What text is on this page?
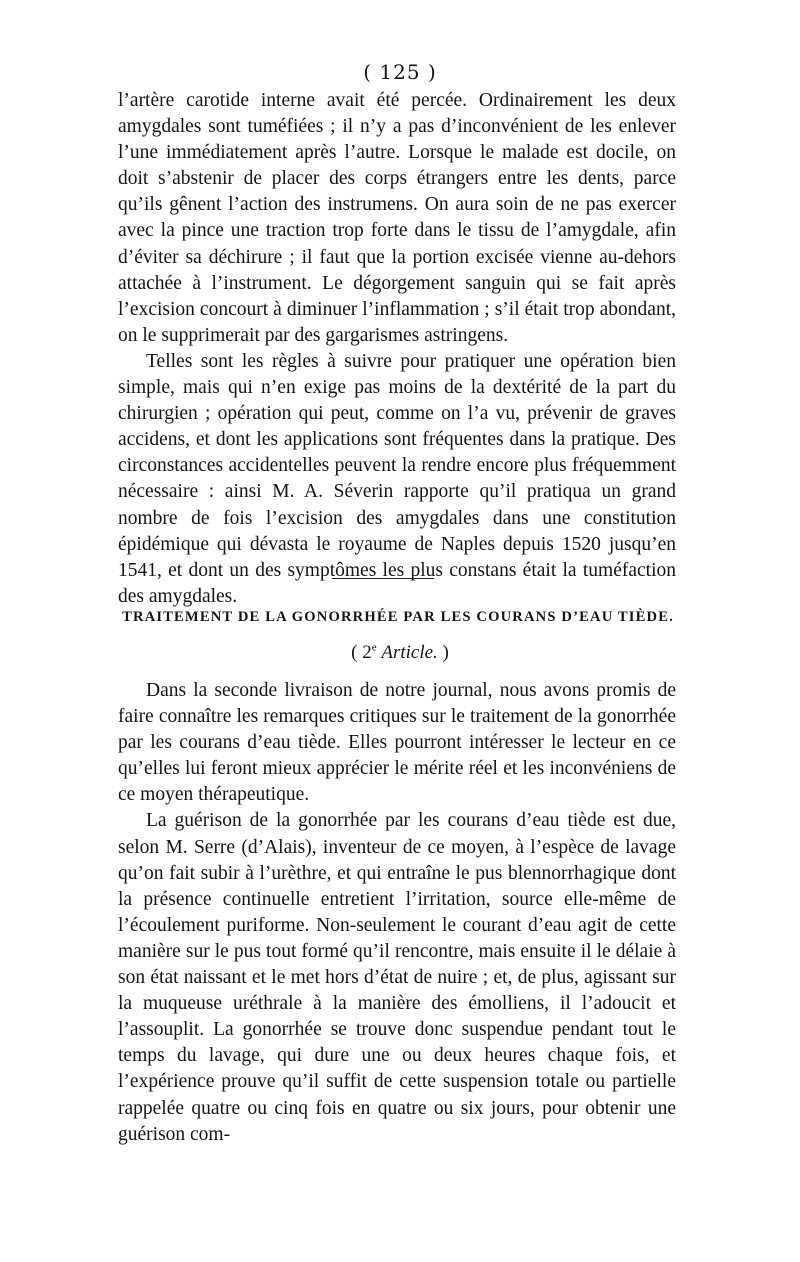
( 125 )

l’artère carotide interne avait été percée. Ordinairement les deux amygdales sont tuméfiées ; il n’y a pas d’inconvénient de les enlever l’une immédiatement après l’autre. Lorsque le malade est docile, on doit s’abstenir de placer des corps étrangers entre les dents, parce qu’ils gênent l’action des instrumens. On aura soin de ne pas exercer avec la pince une traction trop forte dans le tissu de l’amygdale, afin d’éviter sa déchirure ; il faut que la portion excisée vienne au-dehors attachée à l’instrument. Le dégorgement sanguin qui se fait après l’excision concourt à diminuer l’inflammation ; s’il était trop abondant, on le supprimerait par des gargarismes astringens.

Telles sont les règles à suivre pour pratiquer une opération bien simple, mais qui n’en exige pas moins de la dextérité de la part du chirurgien ; opération qui peut, comme on l’a vu, prévenir de graves accidens, et dont les applications sont fréquentes dans la pratique. Des circonstances accidentelles peuvent la rendre encore plus fréquemment nécessaire : ainsi M. A. Séverin rapporte qu’il pratiqua un grand nombre de fois l’excision des amygdales dans une constitution épidémique qui dévasta le royaume de Naples depuis 1520 jusqu’en 1541, et dont un des symptômes les plus constans était la tuméfaction des amygdales.

TRAITEMENT DE LA GONORRHÉE PAR LES COURANS D’EAU TIÈDE.
( 2e Article. )

Dans la seconde livraison de notre journal, nous avons promis de faire connaître les remarques critiques sur le traitement de la gonorrhée par les courans d’eau tiède. Elles pourront intéresser le lecteur en ce qu’elles lui feront mieux apprécier le mérite réel et les inconvéniens de ce moyen thérapeutique.

La guérison de la gonorrhée par les courans d’eau tiède est due, selon M. Serre (d’Alais), inventeur de ce moyen, à l’espèce de lavage qu’on fait subir à l’urèthre, et qui entraîne le pus blennorrhagique dont la présence continuelle entretient l’irritation, source elle-même de l’écoulement puriforme. Non-seulement le courant d’eau agit de cette manière sur le pus tout formé qu’il rencontre, mais ensuite il le délaie à son état naissant et le met hors d’état de nuire ; et, de plus, agissant sur la muqueuse uréthrale à la manière des émolliens, il l’adoucit et l’assouplit. La gonorrhée se trouve donc suspendue pendant tout le temps du lavage, qui dure une ou deux heures chaque fois, et l’expérience prouve qu’il suffit de cette suspension totale ou partielle rappelée quatre ou cinq fois en quatre ou six jours, pour obtenir une guérison com-
